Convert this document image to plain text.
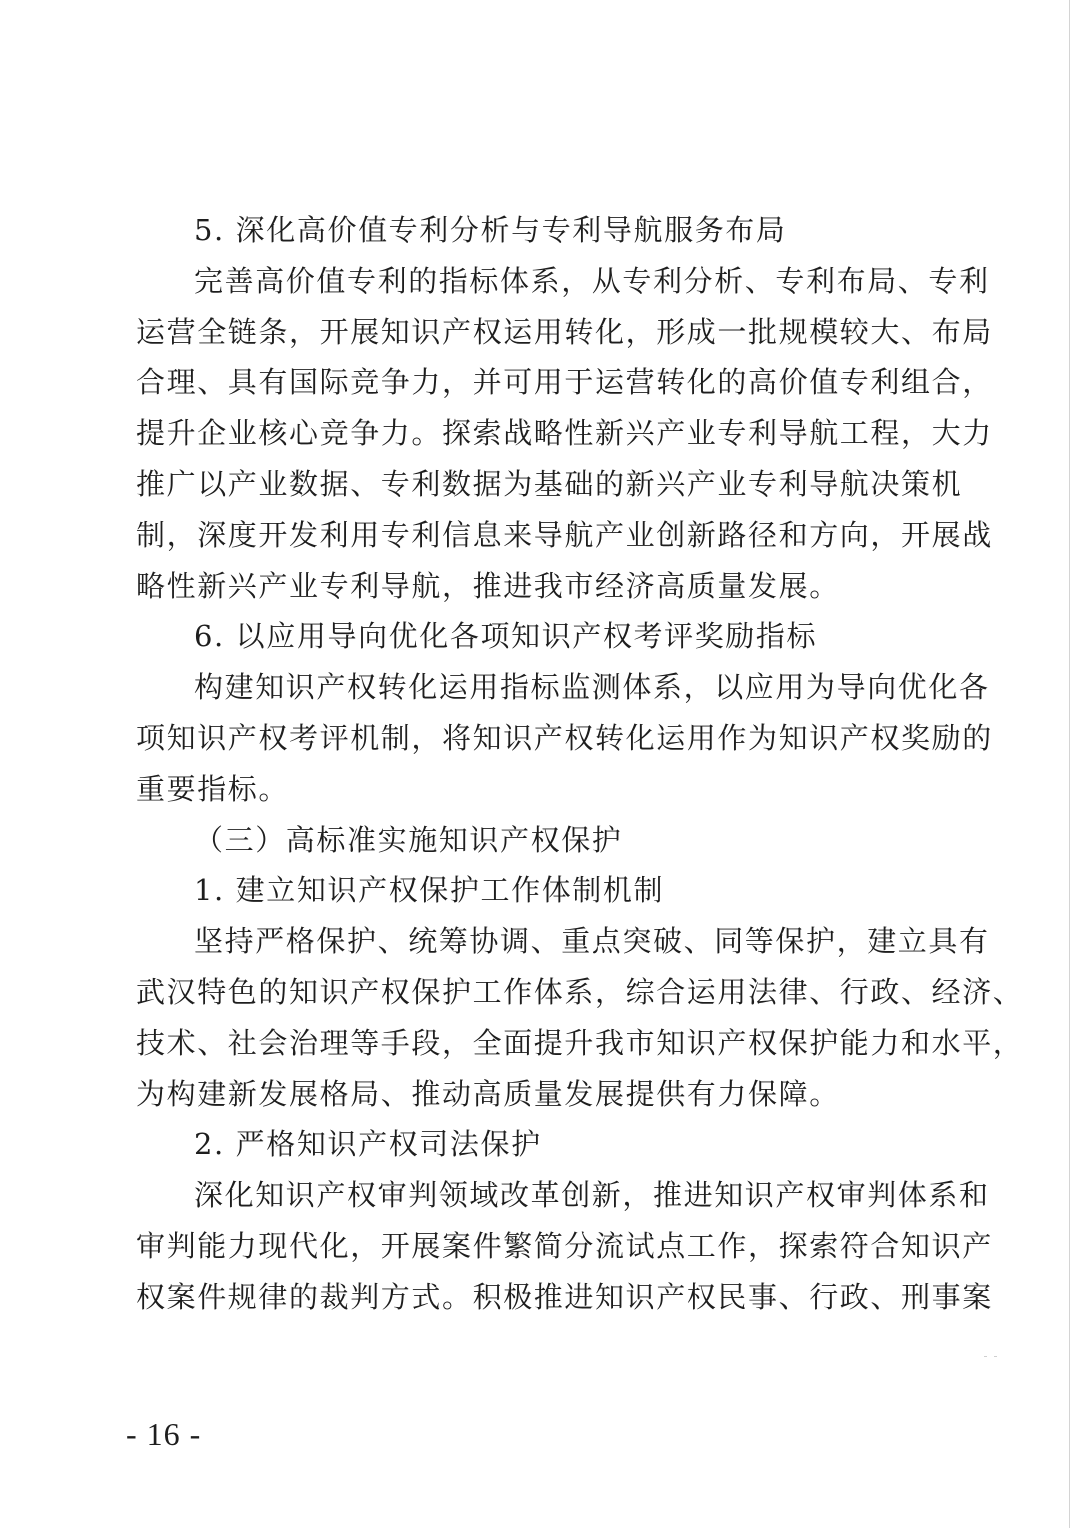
5. 深化高价值专利分析与专利导航服务布局
完善高价值专利的指标体系，从专利分析、专利布局、专利
运营全链条，开展知识产权运用转化，形成一批规模较大、布局
合理、具有国际竞争力，并可用于运营转化的高价值专利组合，
提升企业核心竞争力。探索战略性新兴产业专利导航工程，大力
推广以产业数据、专利数据为基础的新兴产业专利导航决策机
制，深度开发利用专利信息来导航产业创新路径和方向，开展战
略性新兴产业专利导航，推进我市经济高质量发展。
6. 以应用导向优化各项知识产权考评奖励指标
构建知识产权转化运用指标监测体系，以应用为导向优化各
项知识产权考评机制，将知识产权转化运用作为知识产权奖励的
重要指标。
（三）高标准实施知识产权保护
1. 建立知识产权保护工作体制机制
坚持严格保护、统筹协调、重点突破、同等保护，建立具有
武汉特色的知识产权保护工作体系，综合运用法律、行政、经济、
技术、社会治理等手段，全面提升我市知识产权保护能力和水平，
为构建新发展格局、推动高质量发展提供有力保障。
2. 严格知识产权司法保护
深化知识产权审判领域改革创新，推进知识产权审判体系和
审判能力现代化，开展案件繁简分流试点工作，探索符合知识产
权案件规律的裁判方式。积极推进知识产权民事、行政、刑事案
- 16 -
